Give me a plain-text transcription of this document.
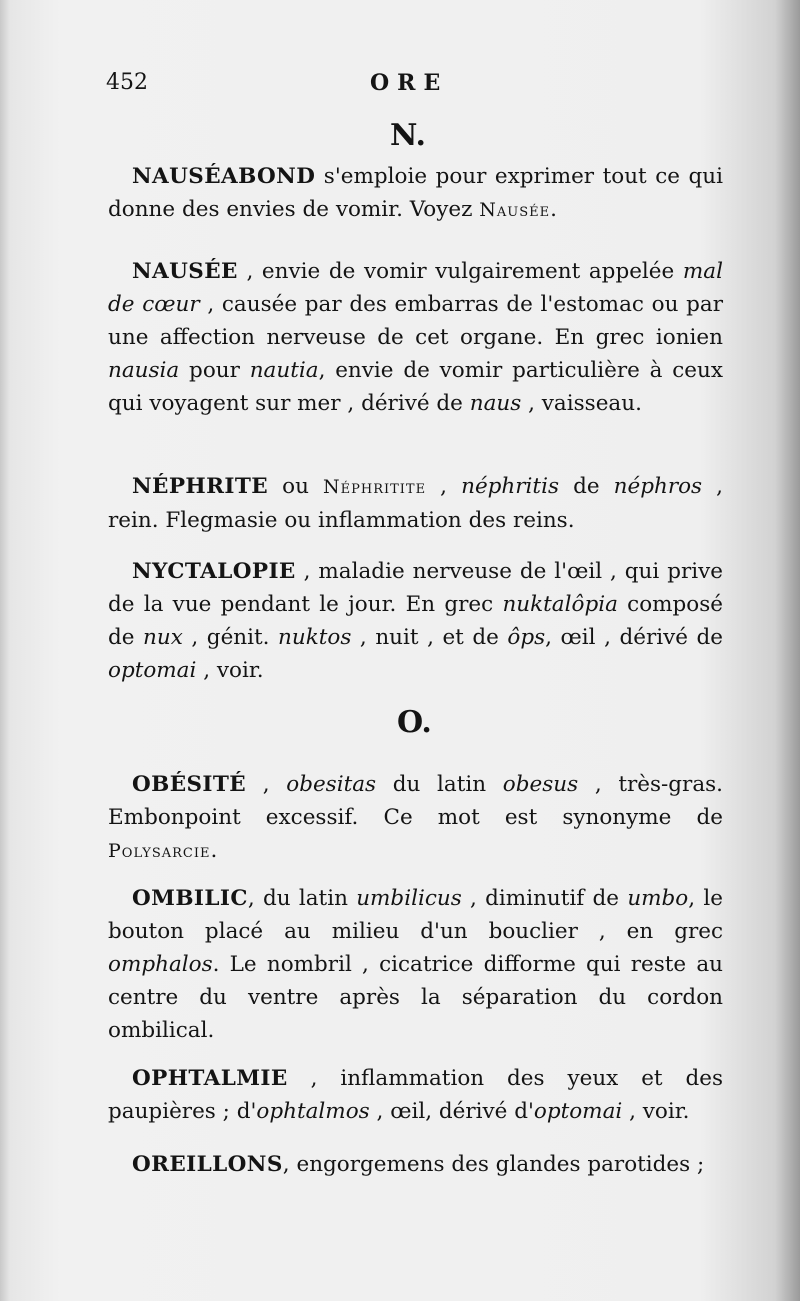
452	ORE
N.

NAUSÉABOND s'emploie pour exprimer tout ce qui donne des envies de vomir. Voyez Nausée.

NAUSÉE , envie de vomir vulgairement appelée mal de cœur , causée par des embarras de l'estomac ou par une affection nerveuse de cet organe. En grec ionien nausia pour nautia, envie de vomir particulière à ceux qui voyagent sur mer , dérivé de naus , vaisseau.

NÉPHRITE ou Néphritite , néphritis de néphros , rein. Flegmasie ou inflammation des reins.

NYCTALOPIE , maladie nerveuse de l'œil , qui prive de la vue pendant le jour. En grec nuktalôpia composé de nux , génit. nuktos , nuit , et de ôps, œil , dérivé de optomai , voir.

O.

OBÉSITÉ , obesitas du latin obesus , très-gras. Embonpoint excessif. Ce mot est synonyme de Polysarcie.

OMBILIC, du latin umbilicus , diminutif de umbo, le bouton placé au milieu d'un bouclier , en grec omphalos. Le nombril , cicatrice difforme qui reste au centre du ventre après la séparation du cordon ombilical.

OPHTALMIE , inflammation des yeux et des paupières ; d'ophtalmos , œil, dérivé d'optomai , voir.

OREILLONS, engorgemens des glandes parotides ;
